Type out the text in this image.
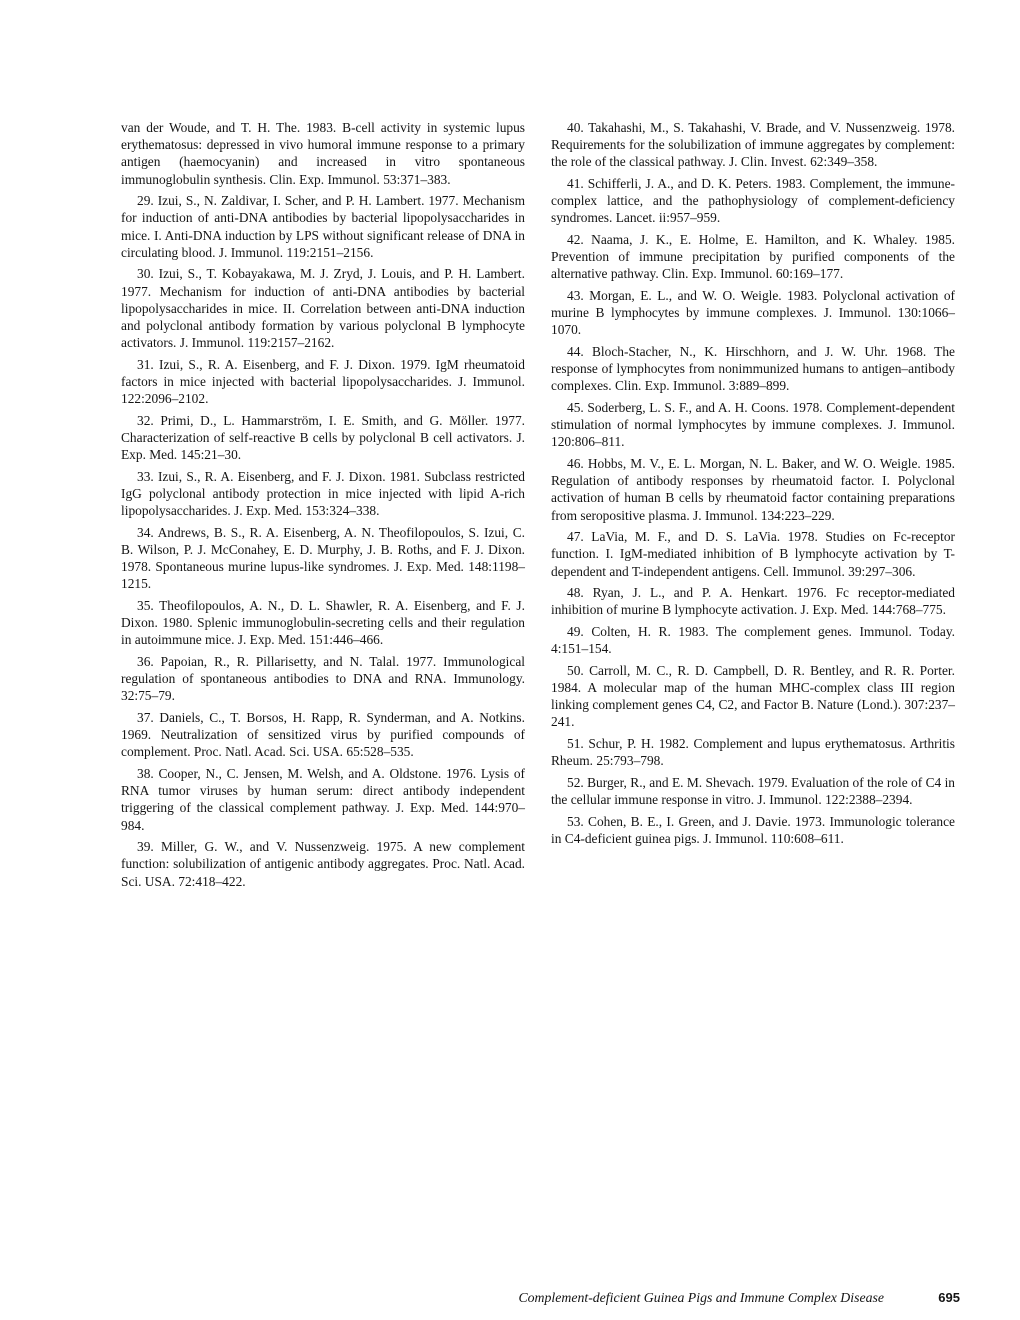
van der Woude, and T. H. The. 1983. B-cell activity in systemic lupus erythematosus: depressed in vivo humoral immune response to a primary antigen (haemocyanin) and increased in vitro spontaneous immunoglobulin synthesis. Clin. Exp. Immunol. 53:371–383.

29. Izui, S., N. Zaldivar, I. Scher, and P. H. Lambert. 1977. Mechanism for induction of anti-DNA antibodies by bacterial lipopolysaccharides in mice. I. Anti-DNA induction by LPS without significant release of DNA in circulating blood. J. Immunol. 119:2151–2156.

30. Izui, S., T. Kobayakawa, M. J. Zryd, J. Louis, and P. H. Lambert. 1977. Mechanism for induction of anti-DNA antibodies by bacterial lipopolysaccharides in mice. II. Correlation between anti-DNA induction and polyclonal antibody formation by various polyclonal B lymphocyte activators. J. Immunol. 119:2157–2162.

31. Izui, S., R. A. Eisenberg, and F. J. Dixon. 1979. IgM rheumatoid factors in mice injected with bacterial lipopolysaccharides. J. Immunol. 122:2096–2102.

32. Primi, D., L. Hammarström, I. E. Smith, and G. Möller. 1977. Characterization of self-reactive B cells by polyclonal B cell activators. J. Exp. Med. 145:21–30.

33. Izui, S., R. A. Eisenberg, and F. J. Dixon. 1981. Subclass restricted IgG polyclonal antibody protection in mice injected with lipid A-rich lipopolysaccharides. J. Exp. Med. 153:324–338.

34. Andrews, B. S., R. A. Eisenberg, A. N. Theofilopoulos, S. Izui, C. B. Wilson, P. J. McConahey, E. D. Murphy, J. B. Roths, and F. J. Dixon. 1978. Spontaneous murine lupus-like syndromes. J. Exp. Med. 148:1198–1215.

35. Theofilopoulos, A. N., D. L. Shawler, R. A. Eisenberg, and F. J. Dixon. 1980. Splenic immunoglobulin-secreting cells and their regulation in autoimmune mice. J. Exp. Med. 151:446–466.

36. Papoian, R., R. Pillarisetty, and N. Talal. 1977. Immunological regulation of spontaneous antibodies to DNA and RNA. Immunology. 32:75–79.

37. Daniels, C., T. Borsos, H. Rapp, R. Synderman, and A. Notkins. 1969. Neutralization of sensitized virus by purified compounds of complement. Proc. Natl. Acad. Sci. USA. 65:528–535.

38. Cooper, N., C. Jensen, M. Welsh, and A. Oldstone. 1976. Lysis of RNA tumor viruses by human serum: direct antibody independent triggering of the classical complement pathway. J. Exp. Med. 144:970–984.

39. Miller, G. W., and V. Nussenzweig. 1975. A new complement function: solubilization of antigenic antibody aggregates. Proc. Natl. Acad. Sci. USA. 72:418–422.

40. Takahashi, M., S. Takahashi, V. Brade, and V. Nussenzweig. 1978. Requirements for the solubilization of immune aggregates by complement: the role of the classical pathway. J. Clin. Invest. 62:349–358.

41. Schifferli, J. A., and D. K. Peters. 1983. Complement, the immune-complex lattice, and the pathophysiology of complement-deficiency syndromes. Lancet. ii:957–959.

42. Naama, J. K., E. Holme, E. Hamilton, and K. Whaley. 1985. Prevention of immune precipitation by purified components of the alternative pathway. Clin. Exp. Immunol. 60:169–177.

43. Morgan, E. L., and W. O. Weigle. 1983. Polyclonal activation of murine B lymphocytes by immune complexes. J. Immunol. 130:1066–1070.

44. Bloch-Stacher, N., K. Hirschhorn, and J. W. Uhr. 1968. The response of lymphocytes from nonimmunized humans to antigen–antibody complexes. Clin. Exp. Immunol. 3:889–899.

45. Soderberg, L. S. F., and A. H. Coons. 1978. Complement-dependent stimulation of normal lymphocytes by immune complexes. J. Immunol. 120:806–811.

46. Hobbs, M. V., E. L. Morgan, N. L. Baker, and W. O. Weigle. 1985. Regulation of antibody responses by rheumatoid factor. I. Polyclonal activation of human B cells by rheumatoid factor containing preparations from seropositive plasma. J. Immunol. 134:223–229.

47. LaVia, M. F., and D. S. LaVia. 1978. Studies on Fc-receptor function. I. IgM-mediated inhibition of B lymphocyte activation by T-dependent and T-independent antigens. Cell. Immunol. 39:297–306.

48. Ryan, J. L., and P. A. Henkart. 1976. Fc receptor-mediated inhibition of murine B lymphocyte activation. J. Exp. Med. 144:768–775.

49. Colten, H. R. 1983. The complement genes. Immunol. Today. 4:151–154.

50. Carroll, M. C., R. D. Campbell, D. R. Bentley, and R. R. Porter. 1984. A molecular map of the human MHC-complex class III region linking complement genes C4, C2, and Factor B. Nature (Lond.). 307:237–241.

51. Schur, P. H. 1982. Complement and lupus erythematosus. Arthritis Rheum. 25:793–798.

52. Burger, R., and E. M. Shevach. 1979. Evaluation of the role of C4 in the cellular immune response in vitro. J. Immunol. 122:2388–2394.

53. Cohen, B. E., I. Green, and J. Davie. 1973. Immunologic tolerance in C4-deficient guinea pigs. J. Immunol. 110:608–611.

Complement-deficient Guinea Pigs and Immune Complex Disease	695
